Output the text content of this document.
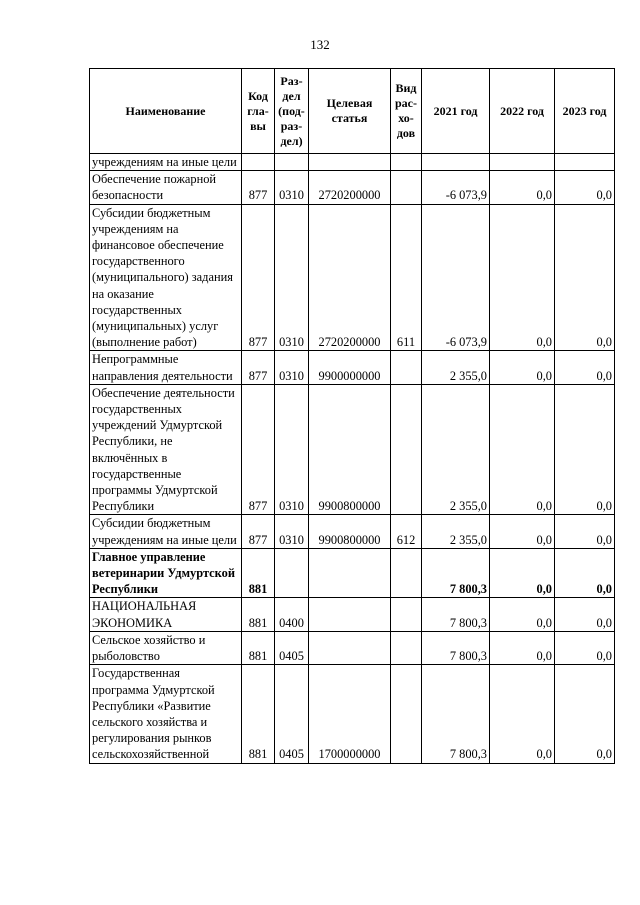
132
Наименование	Код гла- вы	Раз- дел (под- раз- дел)	Целевая статья	Вид рас- хо- дов	2021 год	2022 год	2023 год
учреждениям на иные цели							
Обеспечение пожарной безопасности	877	0310	2720200000		-6 073,9	0,0	0,0
Субсидии бюджетным учреждениям на финансовое обеспечение государственного (муниципального) задания на оказание государственных (муниципальных) услуг (выполнение работ)	877	0310	2720200000	611	-6 073,9	0,0	0,0
Непрограммные направления деятельности	877	0310	9900000000		2 355,0	0,0	0,0
Обеспечение деятельности государственных учреждений Удмуртской Республики, не включённых в государственные программы Удмуртской Республики	877	0310	9900800000		2 355,0	0,0	0,0
Субсидии бюджетным учреждениям на иные цели	877	0310	9900800000	612	2 355,0	0,0	0,0
Главное управление ветеринарии Удмуртской Республики	881				7 800,3	0,0	0,0
НАЦИОНАЛЬНАЯ ЭКОНОМИКА	881	0400			7 800,3	0,0	0,0
Сельское хозяйство и рыболовство	881	0405			7 800,3	0,0	0,0
Государственная программа Удмуртской Республики «Развитие сельского хозяйства и регулирования рынков сельскохозяйственной	881	0405	1700000000		7 800,3	0,0	0,0
